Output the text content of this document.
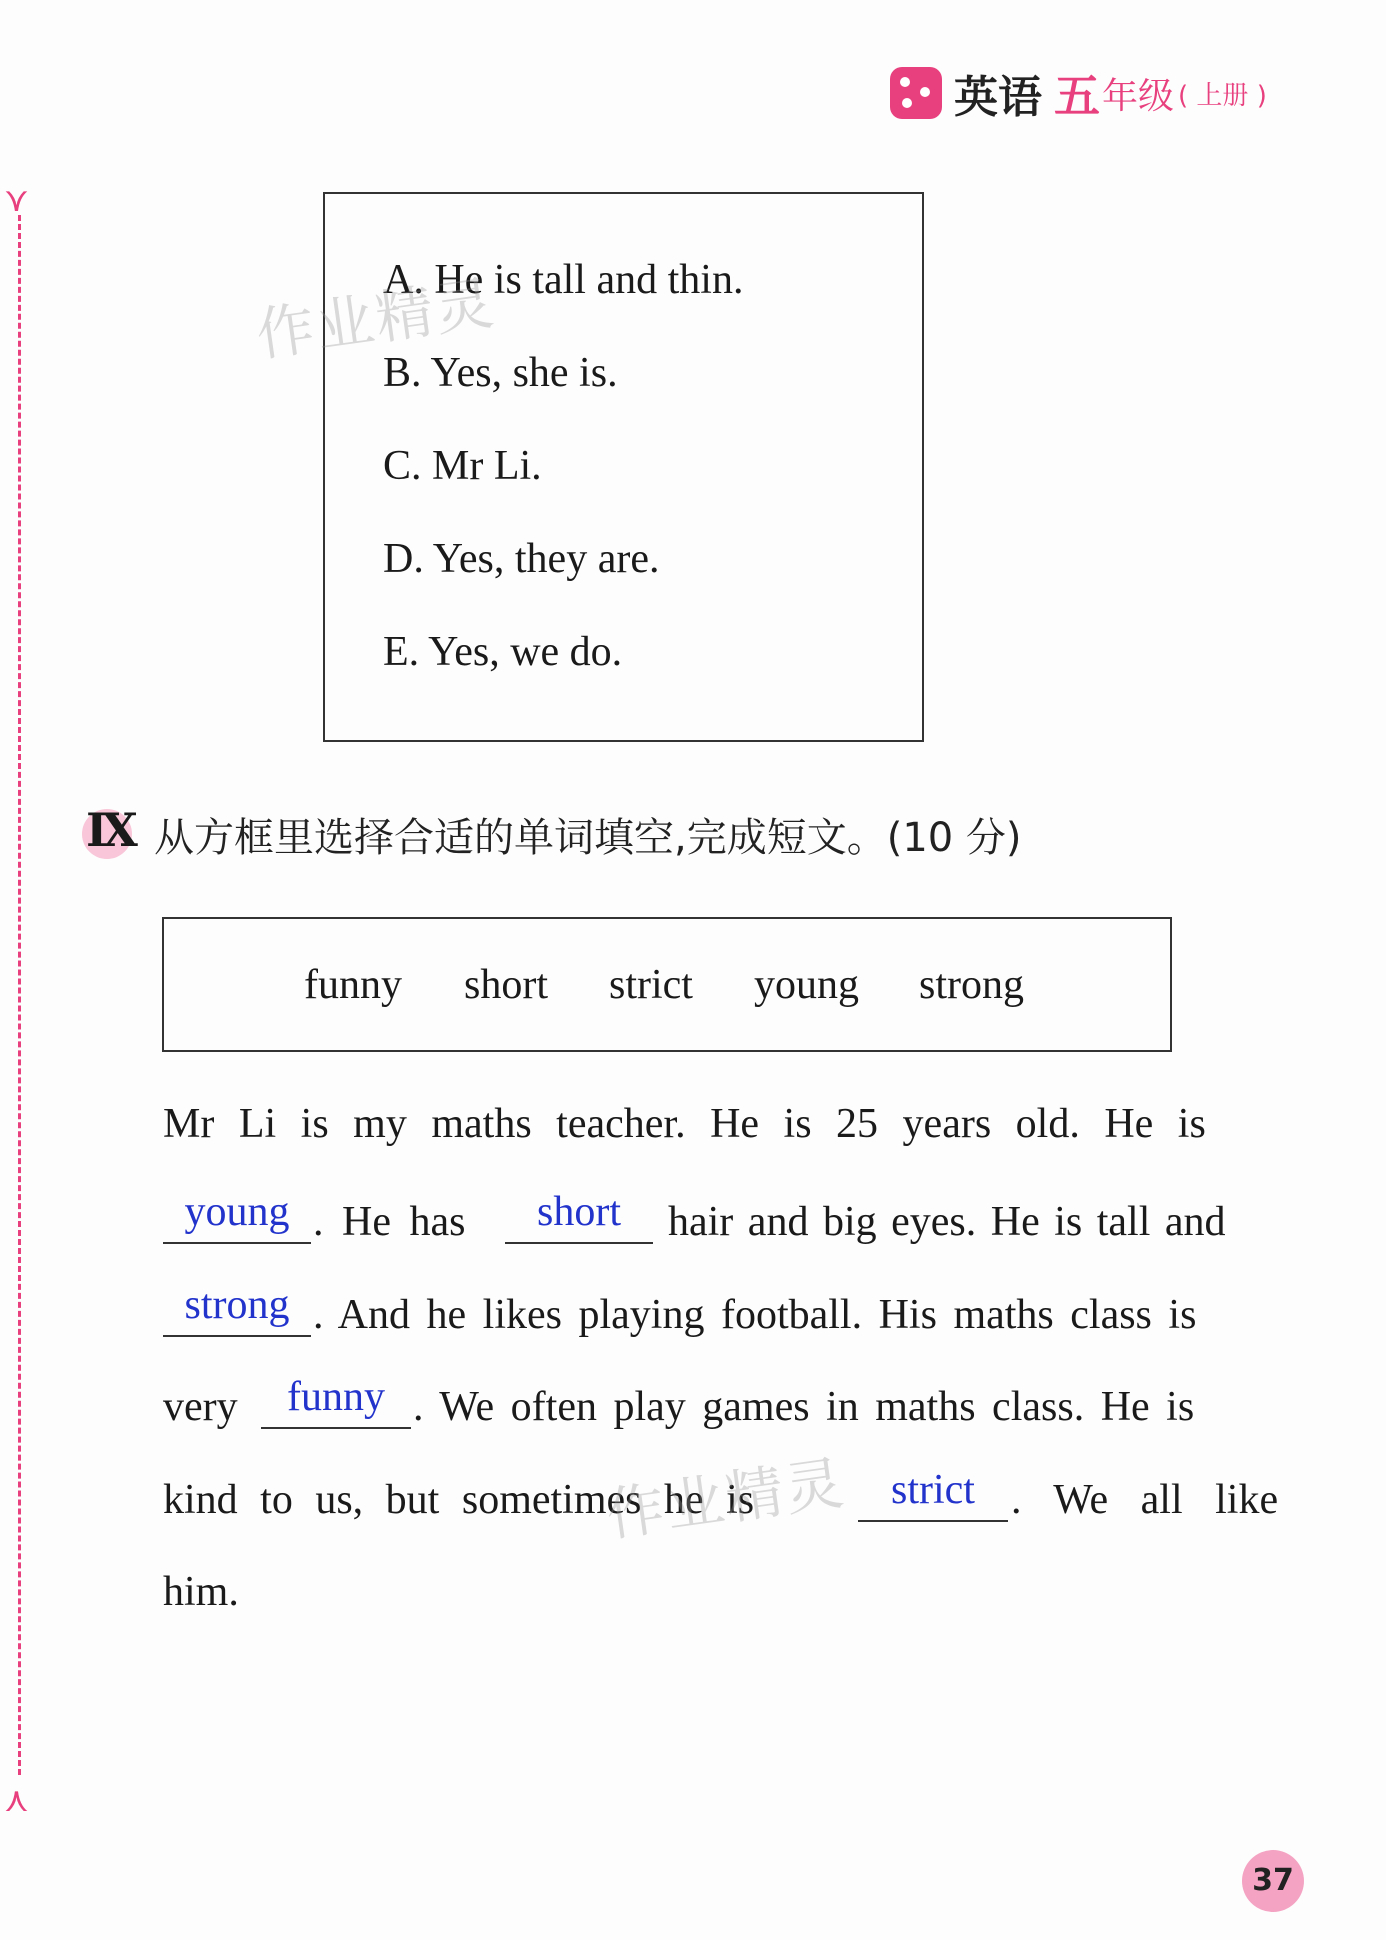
英语 五 年级 ( 上册 )
⋎
⋏
A. He is tall and thin.
B. Yes, she is.
C. Mr Li.
D. Yes, they are.
E. Yes, we do.
Ⅸ 从方框里选择合适的单词填空,完成短文。(10 分)
funny short strict young strong
Mr Li is my maths teacher. He is 25 years old. He is
young . He has	short	hair and big eyes. He is tall and
strong . And he likes playing football. His maths class is
very	funny . We often play games in maths class. He is
kind to us, but sometimes he is	strict . We all like
him.
作业精灵
作业精灵
37
